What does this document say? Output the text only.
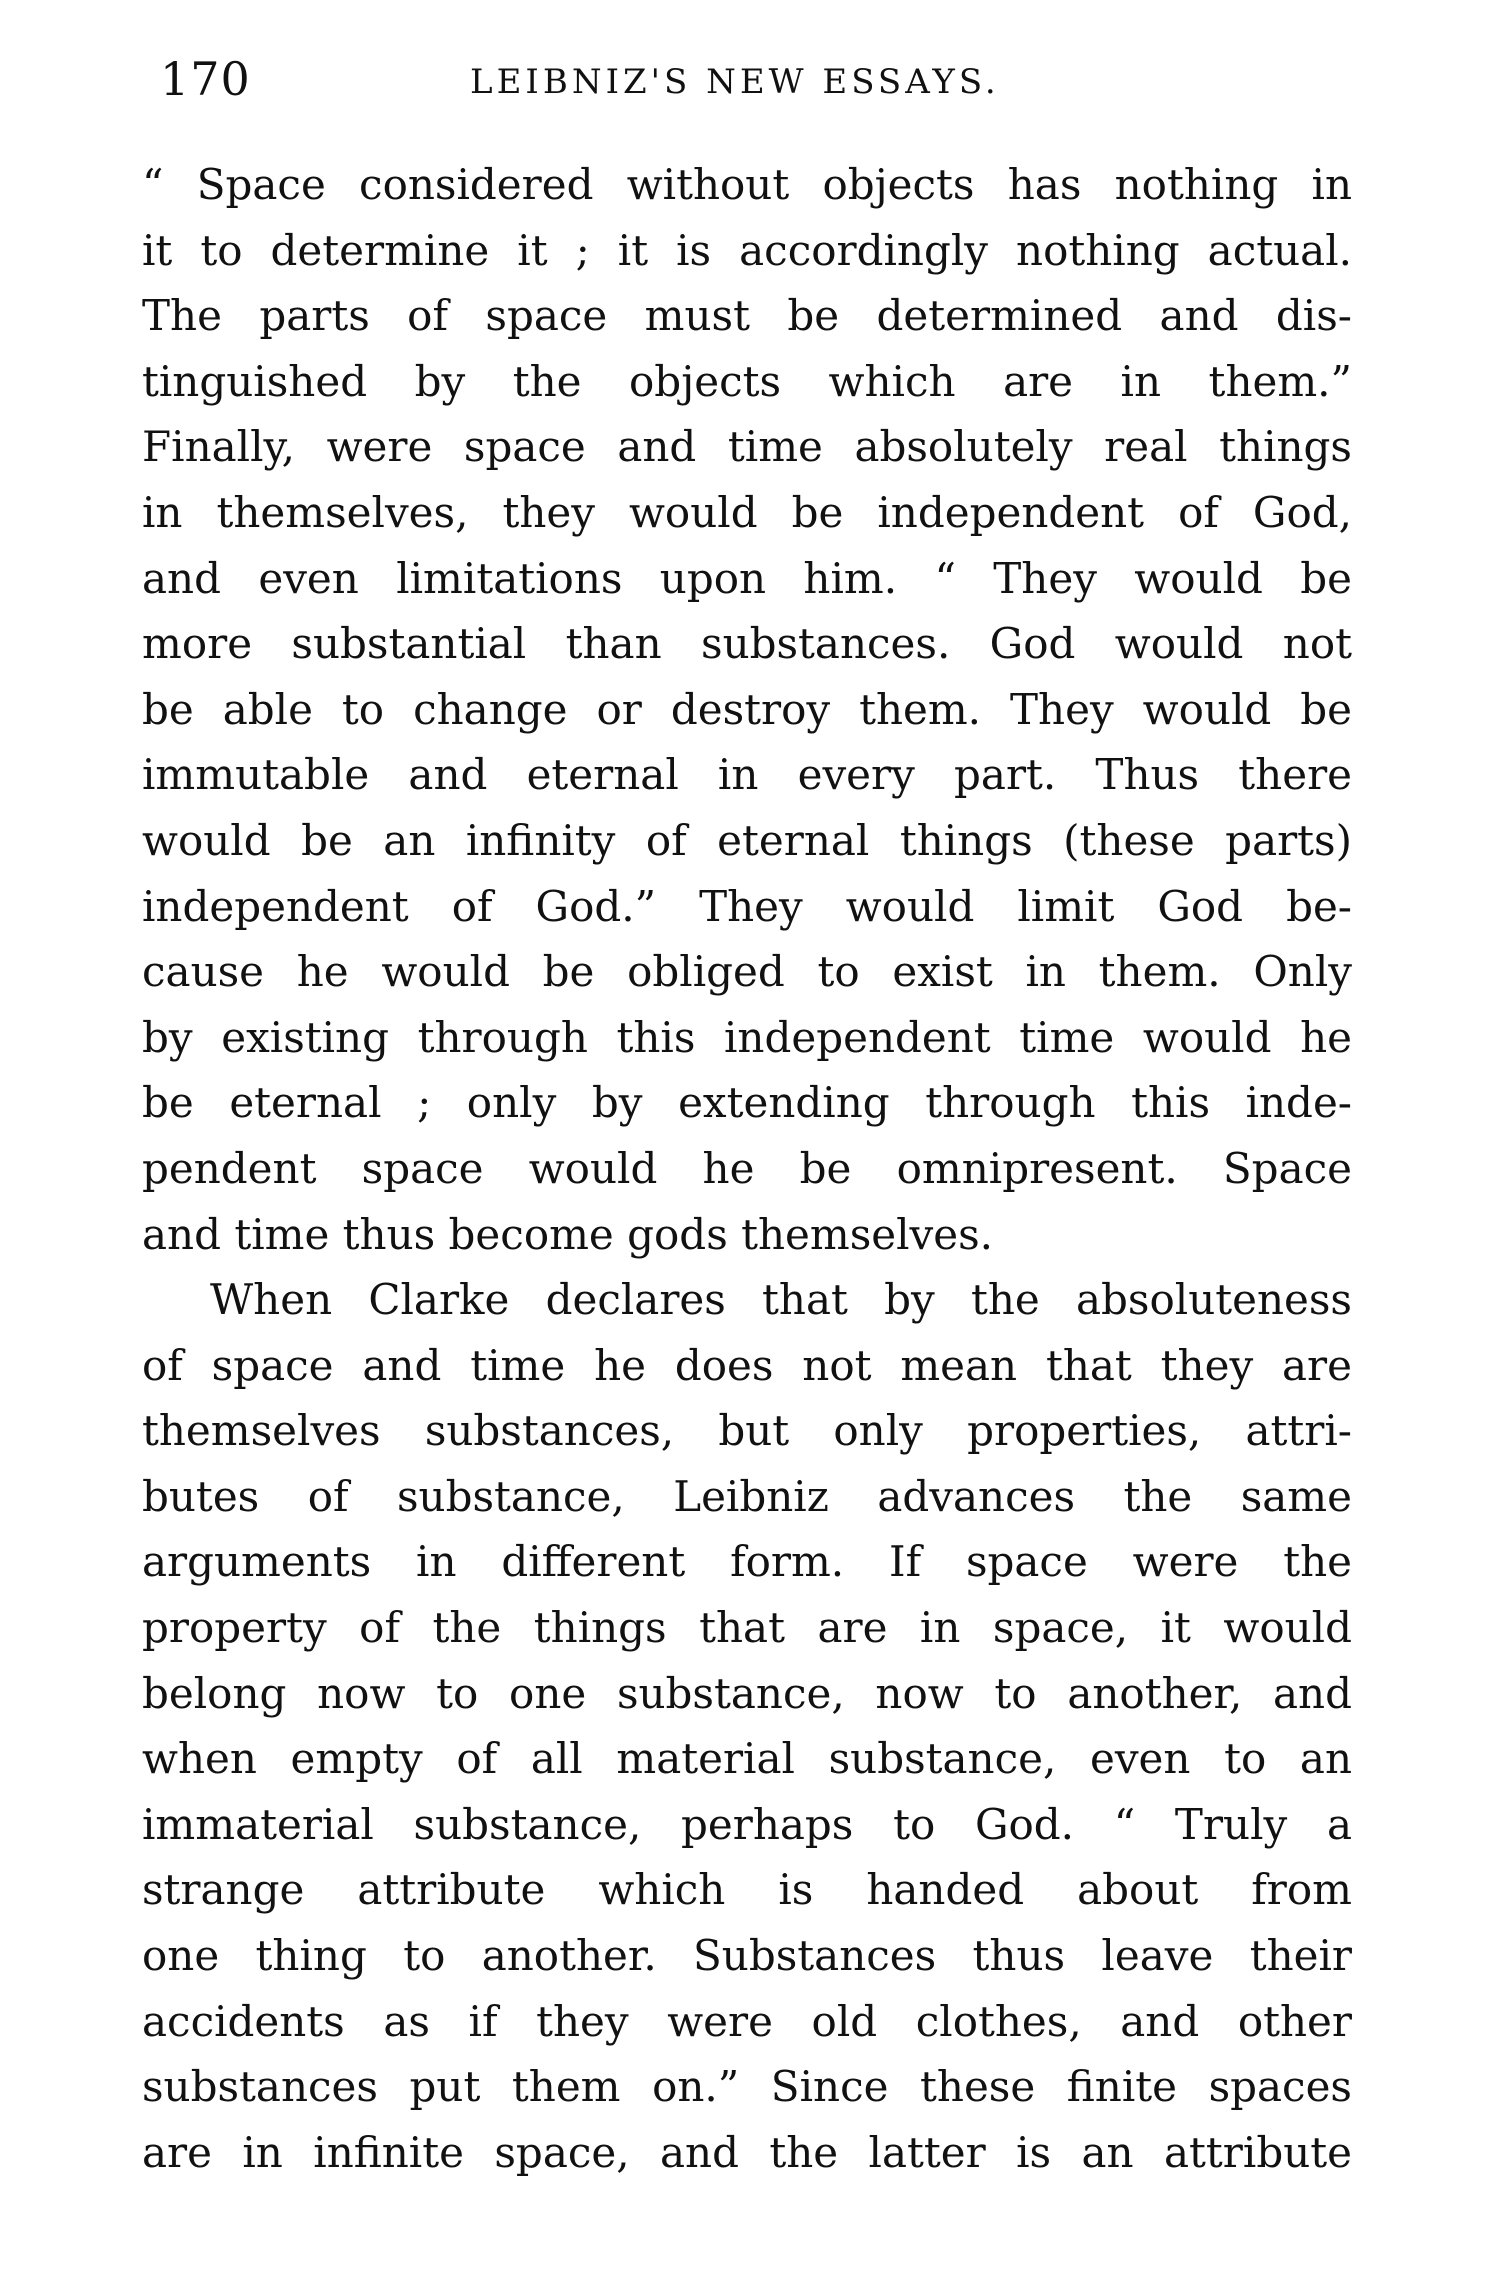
170	LEIBNIZ'S NEW ESSAYS.
“ Space considered without objects has nothing in
it to determine it ; it is accordingly nothing actual.
The parts of space must be determined and dis-
tinguished by the objects which are in them.”
Finally, were space and time absolutely real things
in themselves, they would be independent of God,
and even limitations upon him. “ They would be
more substantial than substances. God would not
be able to change or destroy them. They would be
immutable and eternal in every part. Thus there
would be an infinity of eternal things (these parts)
independent of God.” They would limit God be-
cause he would be obliged to exist in them. Only
by existing through this independent time would he
be eternal ; only by extending through this inde-
pendent space would he be omnipresent. Space
and time thus become gods themselves.
When Clarke declares that by the absoluteness
of space and time he does not mean that they are
themselves substances, but only properties, attri-
butes of substance, Leibniz advances the same
arguments in different form. If space were the
property of the things that are in space, it would
belong now to one substance, now to another, and
when empty of all material substance, even to an
immaterial substance, perhaps to God. “ Truly a
strange attribute which is handed about from
one thing to another. Substances thus leave their
accidents as if they were old clothes, and other
substances put them on.” Since these finite spaces
are in infinite space, and the latter is an attribute
